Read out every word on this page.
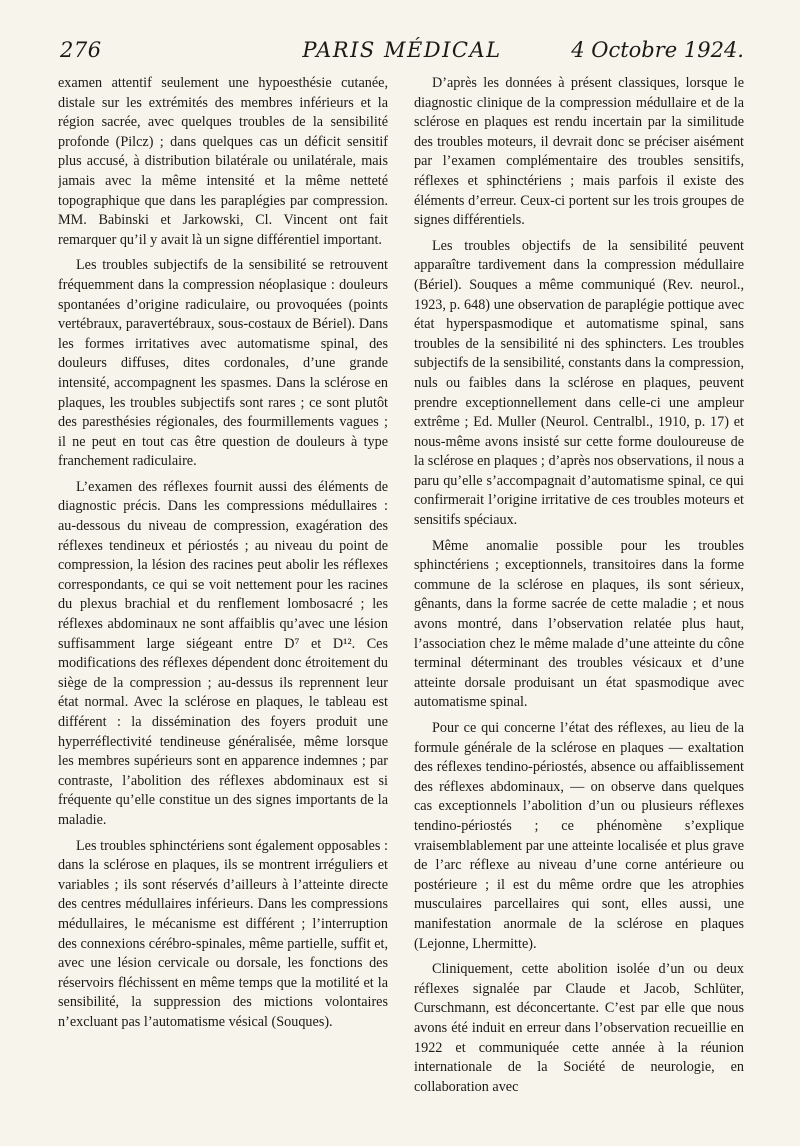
PARIS MÉDICAL
276	4 Octobre 1924.

examen attentif seulement une hypoesthésie cutanée, distale sur les extrémités des membres inférieurs et la région sacrée, avec quelques troubles de la sensibilité profonde (Pilcz) ; dans quelques cas un déficit sensitif plus accusé, à distribution bilatérale ou unilatérale, mais jamais avec la même intensité et la même netteté topographique que dans les paraplégies par compression. MM. Babinski et Jarkowski, Cl. Vincent ont fait remarquer qu’il y avait là un signe différentiel important.

Les troubles subjectifs de la sensibilité se retrouvent fréquemment dans la compression néoplasique : douleurs spontanées d’origine radiculaire, ou provoquées (points vertébraux, paravertébraux, sous-costaux de Bériel). Dans les formes irritatives avec automatisme spinal, des douleurs diffuses, dites cordonales, d’une grande intensité, accompagnent les spasmes. Dans la sclérose en plaques, les troubles subjectifs sont rares ; ce sont plutôt des paresthésies régionales, des fourmillements vagues ; il ne peut en tout cas être question de douleurs à type franchement radiculaire.

L’examen des réflexes fournit aussi des éléments de diagnostic précis. Dans les compressions médullaires : au-dessous du niveau de compression, exagération des réflexes tendineux et périostés ; au niveau du point de compression, la lésion des racines peut abolir les réflexes correspondants, ce qui se voit nettement pour les racines du plexus brachial et du renflement lombosacré ; les réflexes abdominaux ne sont affaiblis qu’avec une lésion suffisamment large siégeant entre D⁷ et D¹². Ces modifications des réflexes dépendent donc étroitement du siège de la compression ; au-dessus ils reprennent leur état normal. Avec la sclérose en plaques, le tableau est différent : la dissémination des foyers produit une hyperréflectivité tendineuse généralisée, même lorsque les membres supérieurs sont en apparence indemnes ; par contraste, l’abolition des réflexes abdominaux est si fréquente qu’elle constitue un des signes importants de la maladie.

Les troubles sphinctériens sont également opposables : dans la sclérose en plaques, ils se montrent irréguliers et variables ; ils sont réservés d’ailleurs à l’atteinte directe des centres médullaires inférieurs. Dans les compressions médullaires, le mécanisme est différent ; l’interruption des connexions cérébro-spinales, même partielle, suffit et, avec une lésion cervicale ou dorsale, les fonctions des réservoirs fléchissent en même temps que la motilité et la sensibilité, la suppression des mictions volontaires n’excluant pas l’automatisme vésical (Souques).

D’après les données à présent classiques, lorsque le diagnostic clinique de la compression médullaire et de la sclérose en plaques est rendu incertain par la similitude des troubles moteurs, il devrait donc se préciser aisément par l’examen complémentaire des troubles sensitifs, réflexes et sphinctériens ; mais parfois il existe des éléments d’erreur. Ceux-ci portent sur les trois groupes de signes différentiels.

Les troubles objectifs de la sensibilité peuvent apparaître tardivement dans la compression médullaire (Bériel). Souques a même communiqué (Rev. neurol., 1923, p. 648) une observation de paraplégie pottique avec état hyperspasmodique et automatisme spinal, sans troubles de la sensibilité ni des sphincters. Les troubles subjectifs de la sensibilité, constants dans la compression, nuls ou faibles dans la sclérose en plaques, peuvent prendre exceptionnellement dans celle-ci une ampleur extrême ; Ed. Muller (Neurol. Centralbl., 1910, p. 17) et nous-même avons insisté sur cette forme douloureuse de la sclérose en plaques ; d’après nos observations, il nous a paru qu’elle s’accompagnait d’automatisme spinal, ce qui confirmerait l’origine irritative de ces troubles moteurs et sensitifs spéciaux.

Même anomalie possible pour les troubles sphinctériens ; exceptionnels, transitoires dans la forme commune de la sclérose en plaques, ils sont sérieux, gênants, dans la forme sacrée de cette maladie ; et nous avons montré, dans l’observation relatée plus haut, l’association chez le même malade d’une atteinte du cône terminal déterminant des troubles vésicaux et d’une atteinte dorsale produisant un état spasmodique avec automatisme spinal.

Pour ce qui concerne l’état des réflexes, au lieu de la formule générale de la sclérose en plaques — exaltation des réflexes tendino-périostés, absence ou affaiblissement des réflexes abdominaux, — on observe dans quelques cas exceptionnels l’abolition d’un ou plusieurs réflexes tendino-périostés ; ce phénomène s’explique vraisemblablement par une atteinte localisée et plus grave de l’arc réflexe au niveau d’une corne antérieure ou postérieure ; il est du même ordre que les atrophies musculaires parcellaires qui sont, elles aussi, une manifestation anormale de la sclérose en plaques (Lejonne, Lhermitte).

Cliniquement, cette abolition isolée d’un ou deux réflexes signalée par Claude et Jacob, Schlüter, Curschmann, est déconcertante. C’est par elle que nous avons été induit en erreur dans l’observation recueillie en 1922 et communiquée cette année à la réunion internationale de la Société de neurologie, en collaboration avec
